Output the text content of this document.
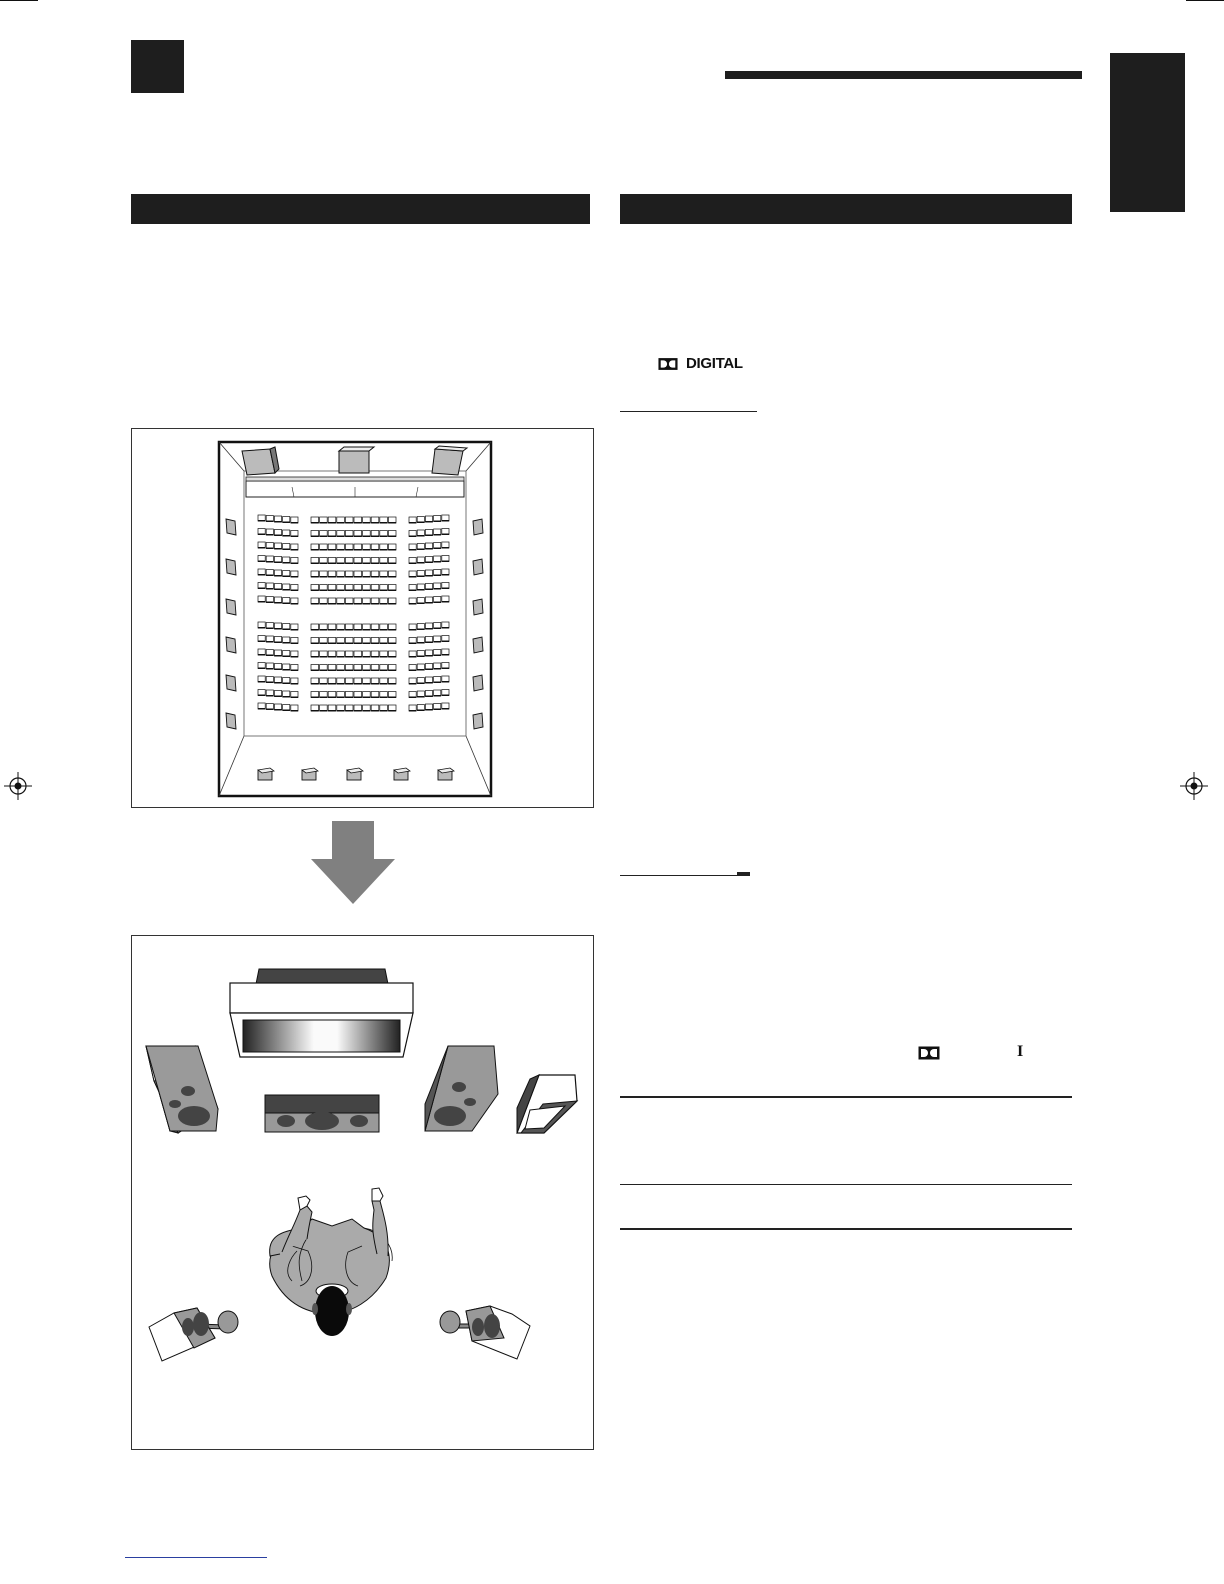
DIGITAL
I
